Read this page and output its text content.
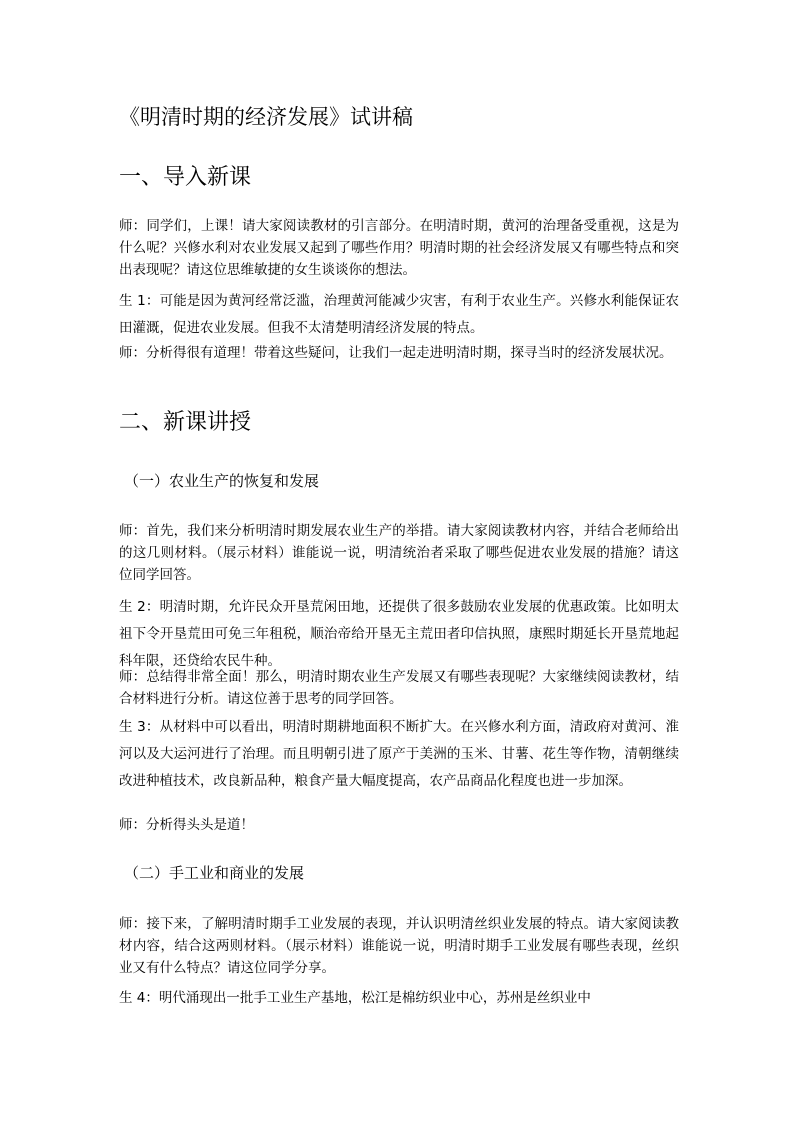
《明清时期的经济发展》试讲稿
一、导入新课

师：同学们，上课！请大家阅读教材的引言部分。在明清时期，黄河的治理备受重视，这是为什么呢？兴修水利对农业发展又起到了哪些作用？明清时期的社会经济发展又有哪些特点和突出表现呢？请这位思维敏捷的女生谈谈你的想法。

生 1：可能是因为黄河经常泛滥，治理黄河能减少灾害，有利于农业生产。兴修水利能保证农田灌溉，促进农业发展。但我不太清楚明清经济发展的特点。

师：分析得很有道理！带着这些疑问，让我们一起走进明清时期，探寻当时的经济发展状况。

二、新课讲授
（一）农业生产的恢复和发展

师：首先，我们来分析明清时期发展农业生产的举措。请大家阅读教材内容，并结合老师给出的这几则材料。（展示材料）谁能说一说，明清统治者采取了哪些促进农业发展的措施？请这位同学回答。

生 2：明清时期，允许民众开垦荒闲田地，还提供了很多鼓励农业发展的优惠政策。比如明太祖下令开垦荒田可免三年租税，顺治帝给开垦无主荒田者印信执照，康熙时期延长开垦荒地起科年限，还贷给农民牛种。

师：总结得非常全面！那么，明清时期农业生产发展又有哪些表现呢？大家继续阅读教材，结合材料进行分析。请这位善于思考的同学回答。

生 3：从材料中可以看出，明清时期耕地面积不断扩大。在兴修水利方面，清政府对黄河、淮河以及大运河进行了治理。而且明朝引进了原产于美洲的玉米、甘薯、花生等作物，清朝继续改进种植技术，改良新品种，粮食产量大幅度提高，农产品商品化程度也进一步加深。

师：分析得头头是道！

（二）手工业和商业的发展

师：接下来，了解明清时期手工业发展的表现，并认识明清丝织业发展的特点。请大家阅读教材内容，结合这两则材料。（展示材料）谁能说一说，明清时期手工业发展有哪些表现，丝织业又有什么特点？请这位同学分享。

生 4：明代涌现出一批手工业生产基地，松江是棉纺织业中心，苏州是丝织业中
